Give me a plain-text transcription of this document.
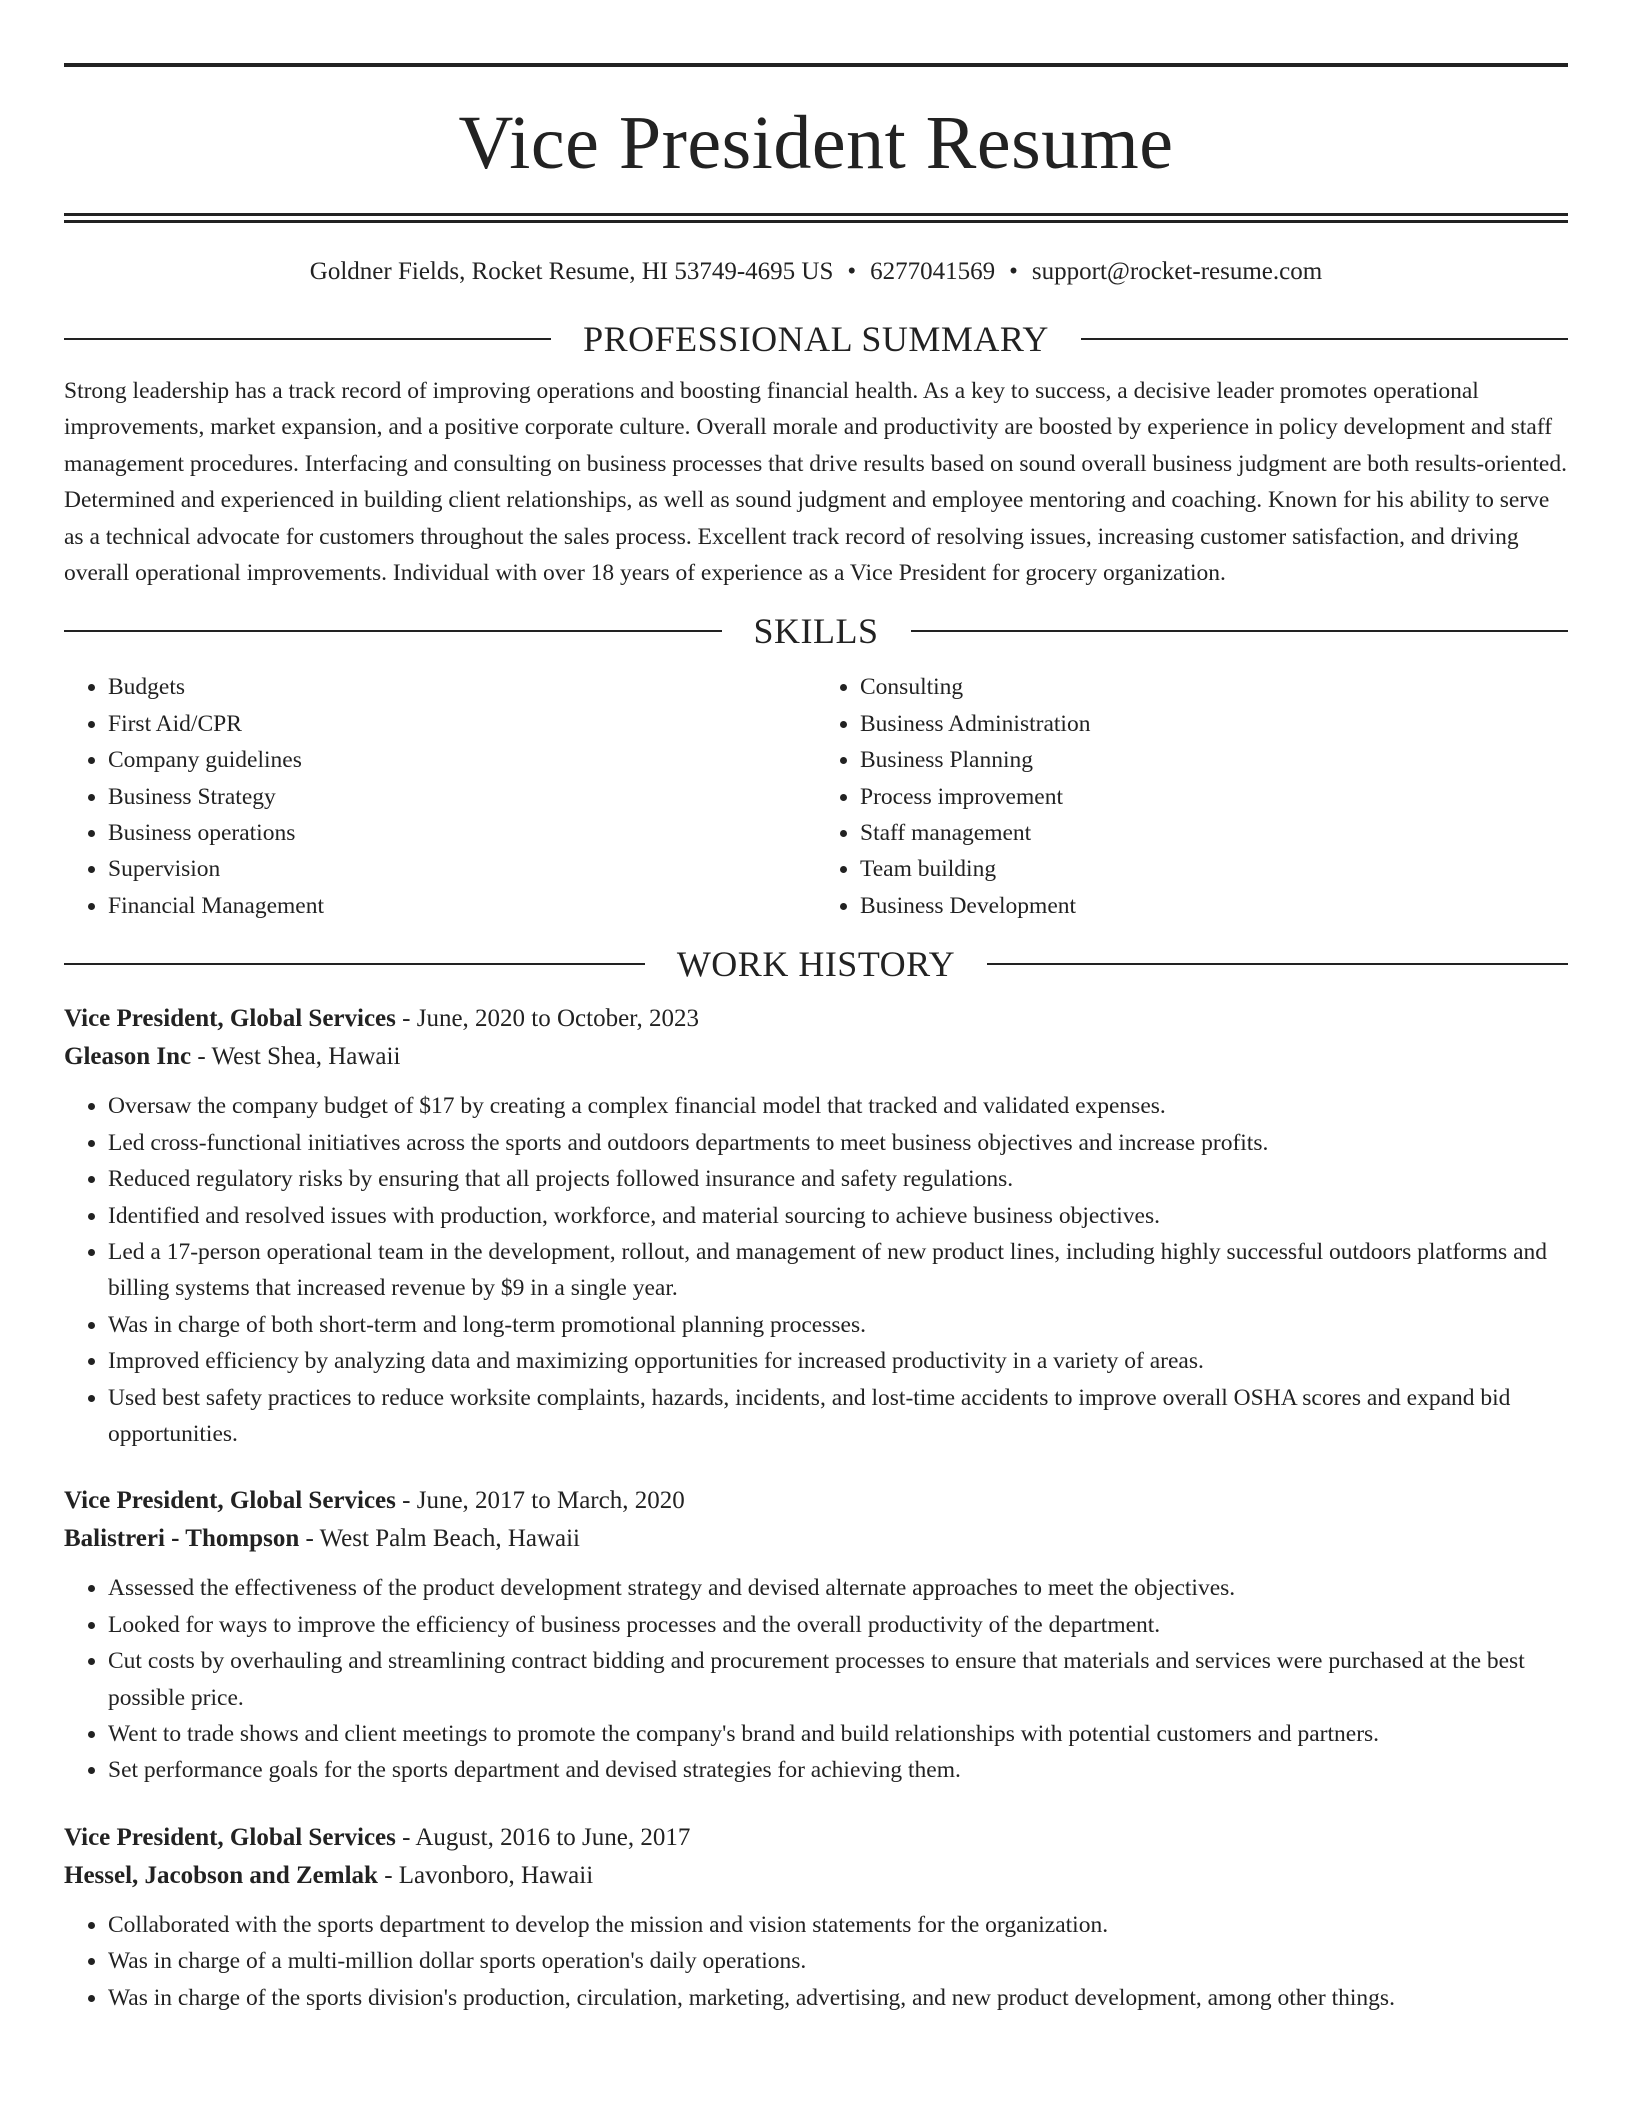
Vice President Resume
Goldner Fields, Rocket Resume, HI 53749-4695 US • 6277041569 • support@rocket-resume.com
PROFESSIONAL SUMMARY
Strong leadership has a track record of improving operations and boosting financial health. As a key to success, a decisive leader promotes operational improvements, market expansion, and a positive corporate culture. Overall morale and productivity are boosted by experience in policy development and staff management procedures. Interfacing and consulting on business processes that drive results based on sound overall business judgment are both results-oriented. Determined and experienced in building client relationships, as well as sound judgment and employee mentoring and coaching. Known for his ability to serve as a technical advocate for customers throughout the sales process. Excellent track record of resolving issues, increasing customer satisfaction, and driving overall operational improvements. Individual with over 18 years of experience as a Vice President for grocery organization.
SKILLS
• Budgets
• First Aid/CPR
• Company guidelines
• Business Strategy
• Business operations
• Supervision
• Financial Management
• Consulting
• Business Administration
• Business Planning
• Process improvement
• Staff management
• Team building
• Business Development
WORK HISTORY
Vice President, Global Services - June, 2020 to October, 2023
Gleason Inc - West Shea, Hawaii
• Oversaw the company budget of $17 by creating a complex financial model that tracked and validated expenses.
• Led cross-functional initiatives across the sports and outdoors departments to meet business objectives and increase profits.
• Reduced regulatory risks by ensuring that all projects followed insurance and safety regulations.
• Identified and resolved issues with production, workforce, and material sourcing to achieve business objectives.
• Led a 17-person operational team in the development, rollout, and management of new product lines, including highly successful outdoors platforms and billing systems that increased revenue by $9 in a single year.
• Was in charge of both short-term and long-term promotional planning processes.
• Improved efficiency by analyzing data and maximizing opportunities for increased productivity in a variety of areas.
• Used best safety practices to reduce worksite complaints, hazards, incidents, and lost-time accidents to improve overall OSHA scores and expand bid opportunities.
Vice President, Global Services - June, 2017 to March, 2020
Balistreri - Thompson - West Palm Beach, Hawaii
• Assessed the effectiveness of the product development strategy and devised alternate approaches to meet the objectives.
• Looked for ways to improve the efficiency of business processes and the overall productivity of the department.
• Cut costs by overhauling and streamlining contract bidding and procurement processes to ensure that materials and services were purchased at the best possible price.
• Went to trade shows and client meetings to promote the company's brand and build relationships with potential customers and partners.
• Set performance goals for the sports department and devised strategies for achieving them.
Vice President, Global Services - August, 2016 to June, 2017
Hessel, Jacobson and Zemlak - Lavonboro, Hawaii
• Collaborated with the sports department to develop the mission and vision statements for the organization.
• Was in charge of a multi-million dollar sports operation's daily operations.
• Was in charge of the sports division's production, circulation, marketing, advertising, and new product development, among other things.
